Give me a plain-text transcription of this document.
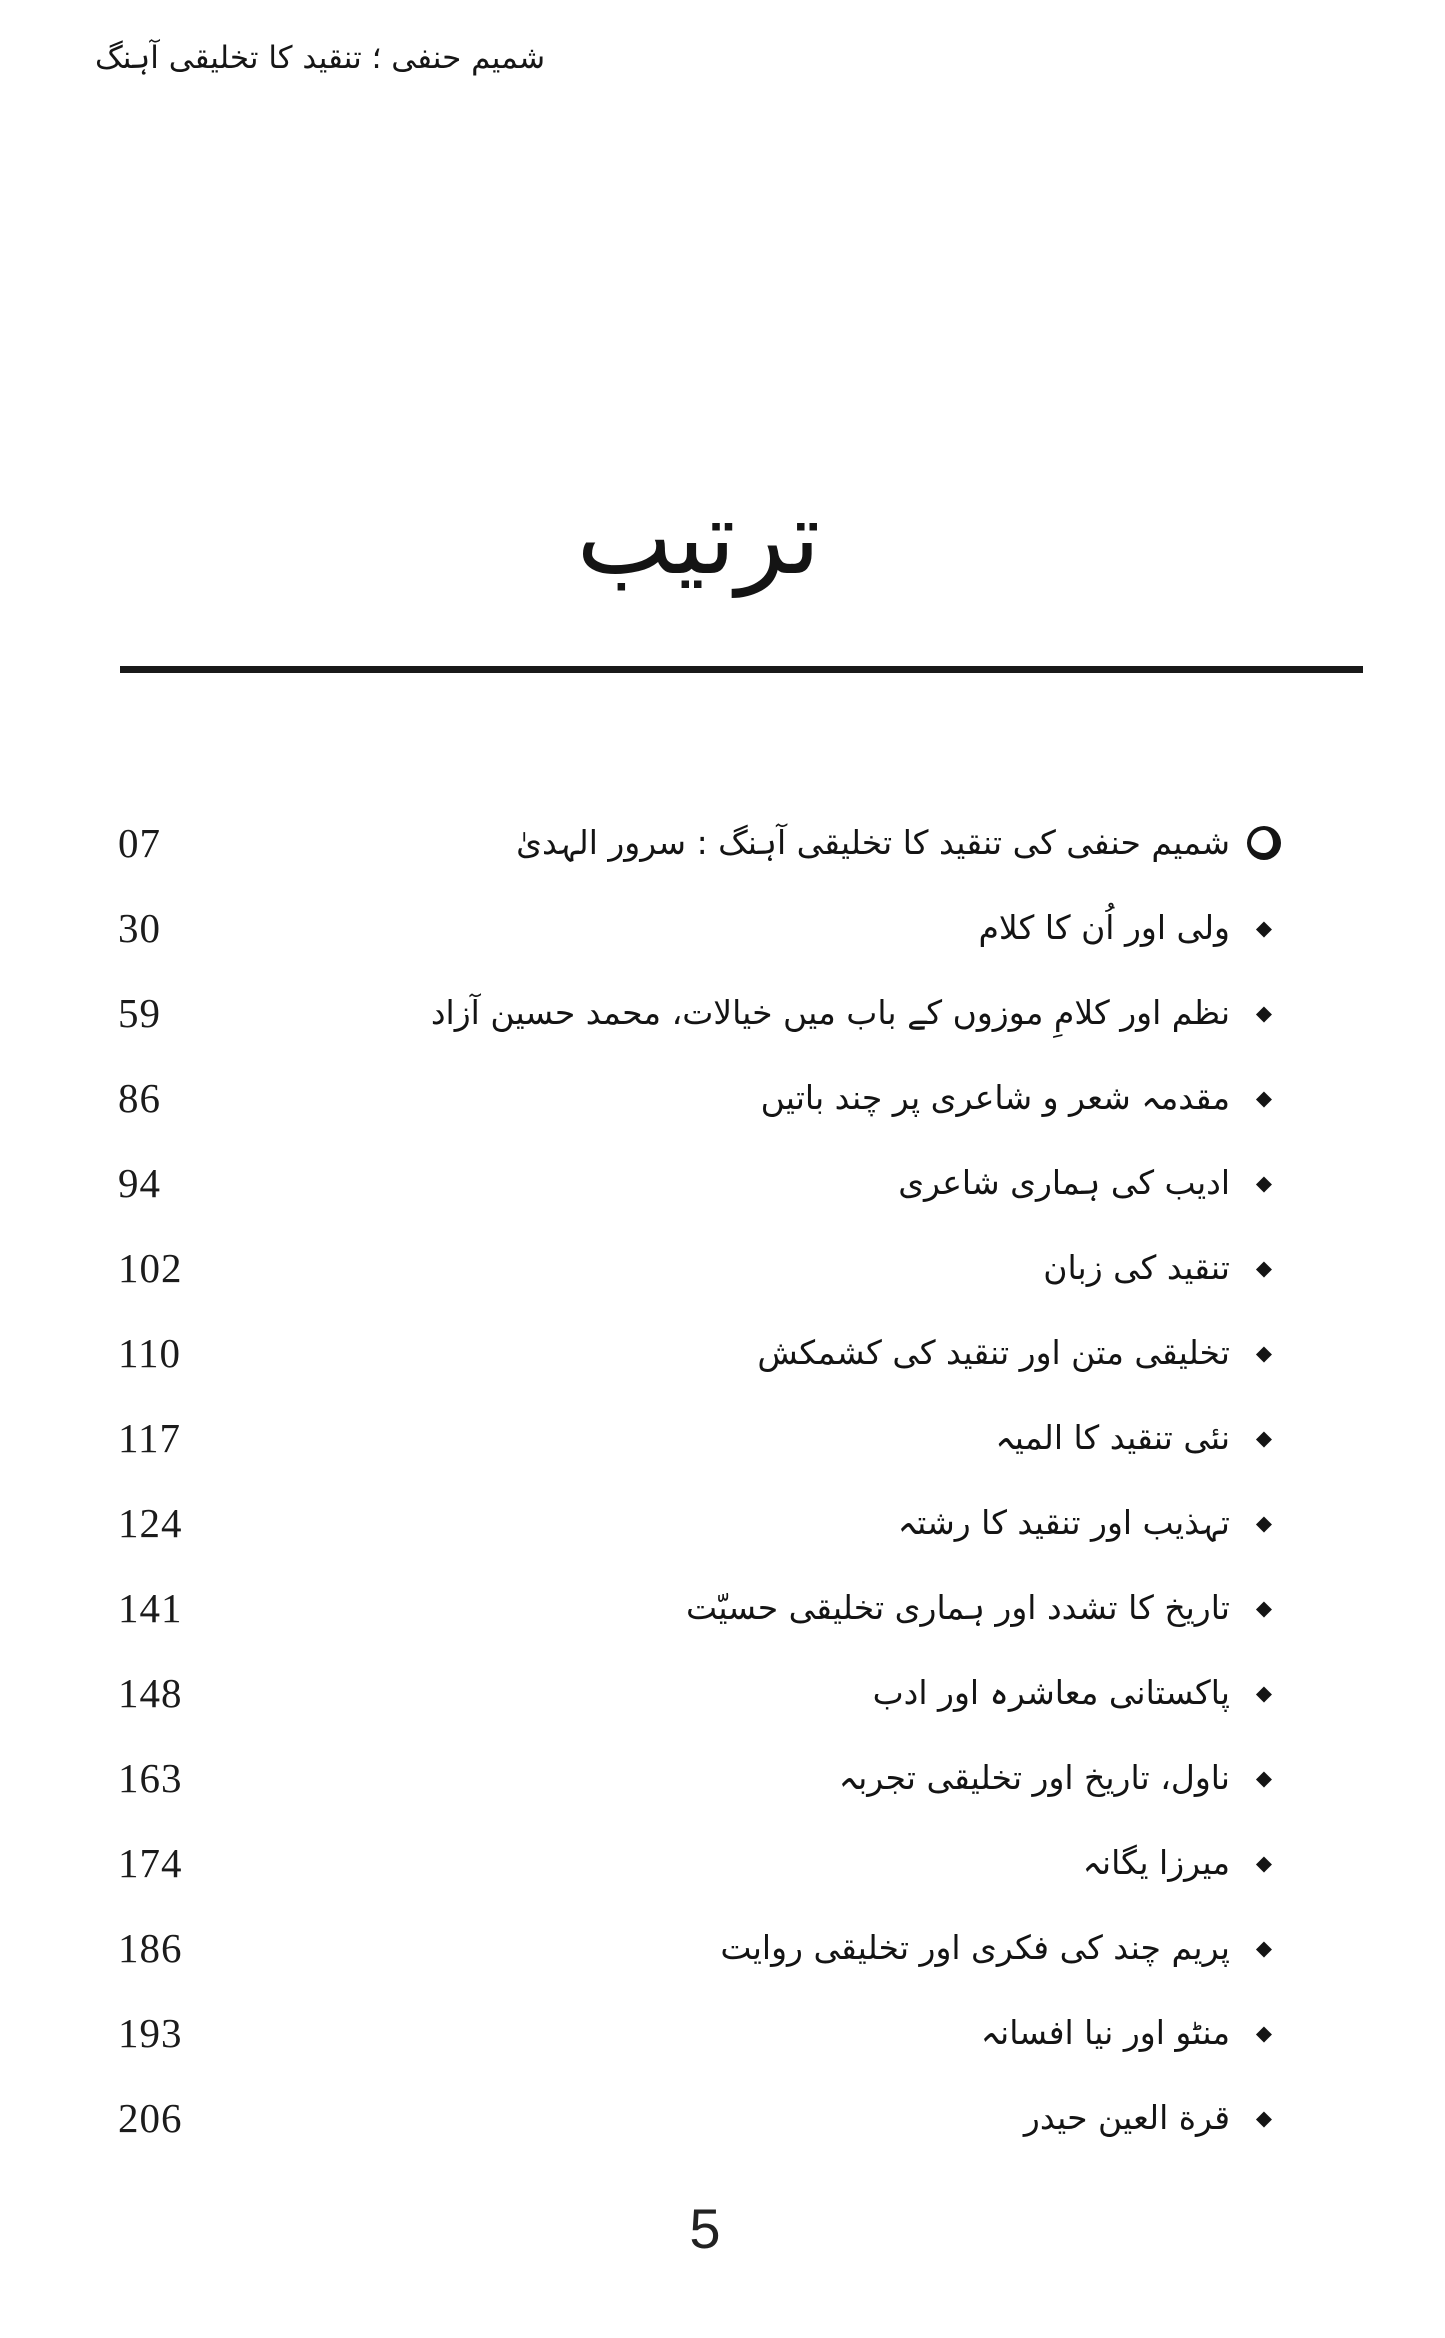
شمیم حنفی ؛ تنقید کا تخلیقی آہنگ
ترتیب
07	شمیم حنفی کی تنقید کا تخلیقی آہنگ : سرور الہدیٰ
30	ولی اور اُن کا کلام	◆
59	نظم اور کلامِ موزوں کے باب میں خیالات، محمد حسین آزاد	◆
86	مقدمہ شعر و شاعری پر چند باتیں	◆
94	ادیب کی ہماری شاعری	◆
102	تنقید کی زبان	◆
110	تخلیقی متن اور تنقید کی کشمکش	◆
117	نئی تنقید کا المیہ	◆
124	تہذیب اور تنقید کا رشتہ	◆
141	تاریخ کا تشدد اور ہماری تخلیقی حسیّت	◆
148	پاکستانی معاشرہ اور ادب	◆
163	ناول، تاریخ اور تخلیقی تجربہ	◆
174	میرزا یگانہ	◆
186	پریم چند کی فکری اور تخلیقی روایت	◆
193	منٹو اور نیا افسانہ	◆
206	قرة العین حیدر	◆
5
